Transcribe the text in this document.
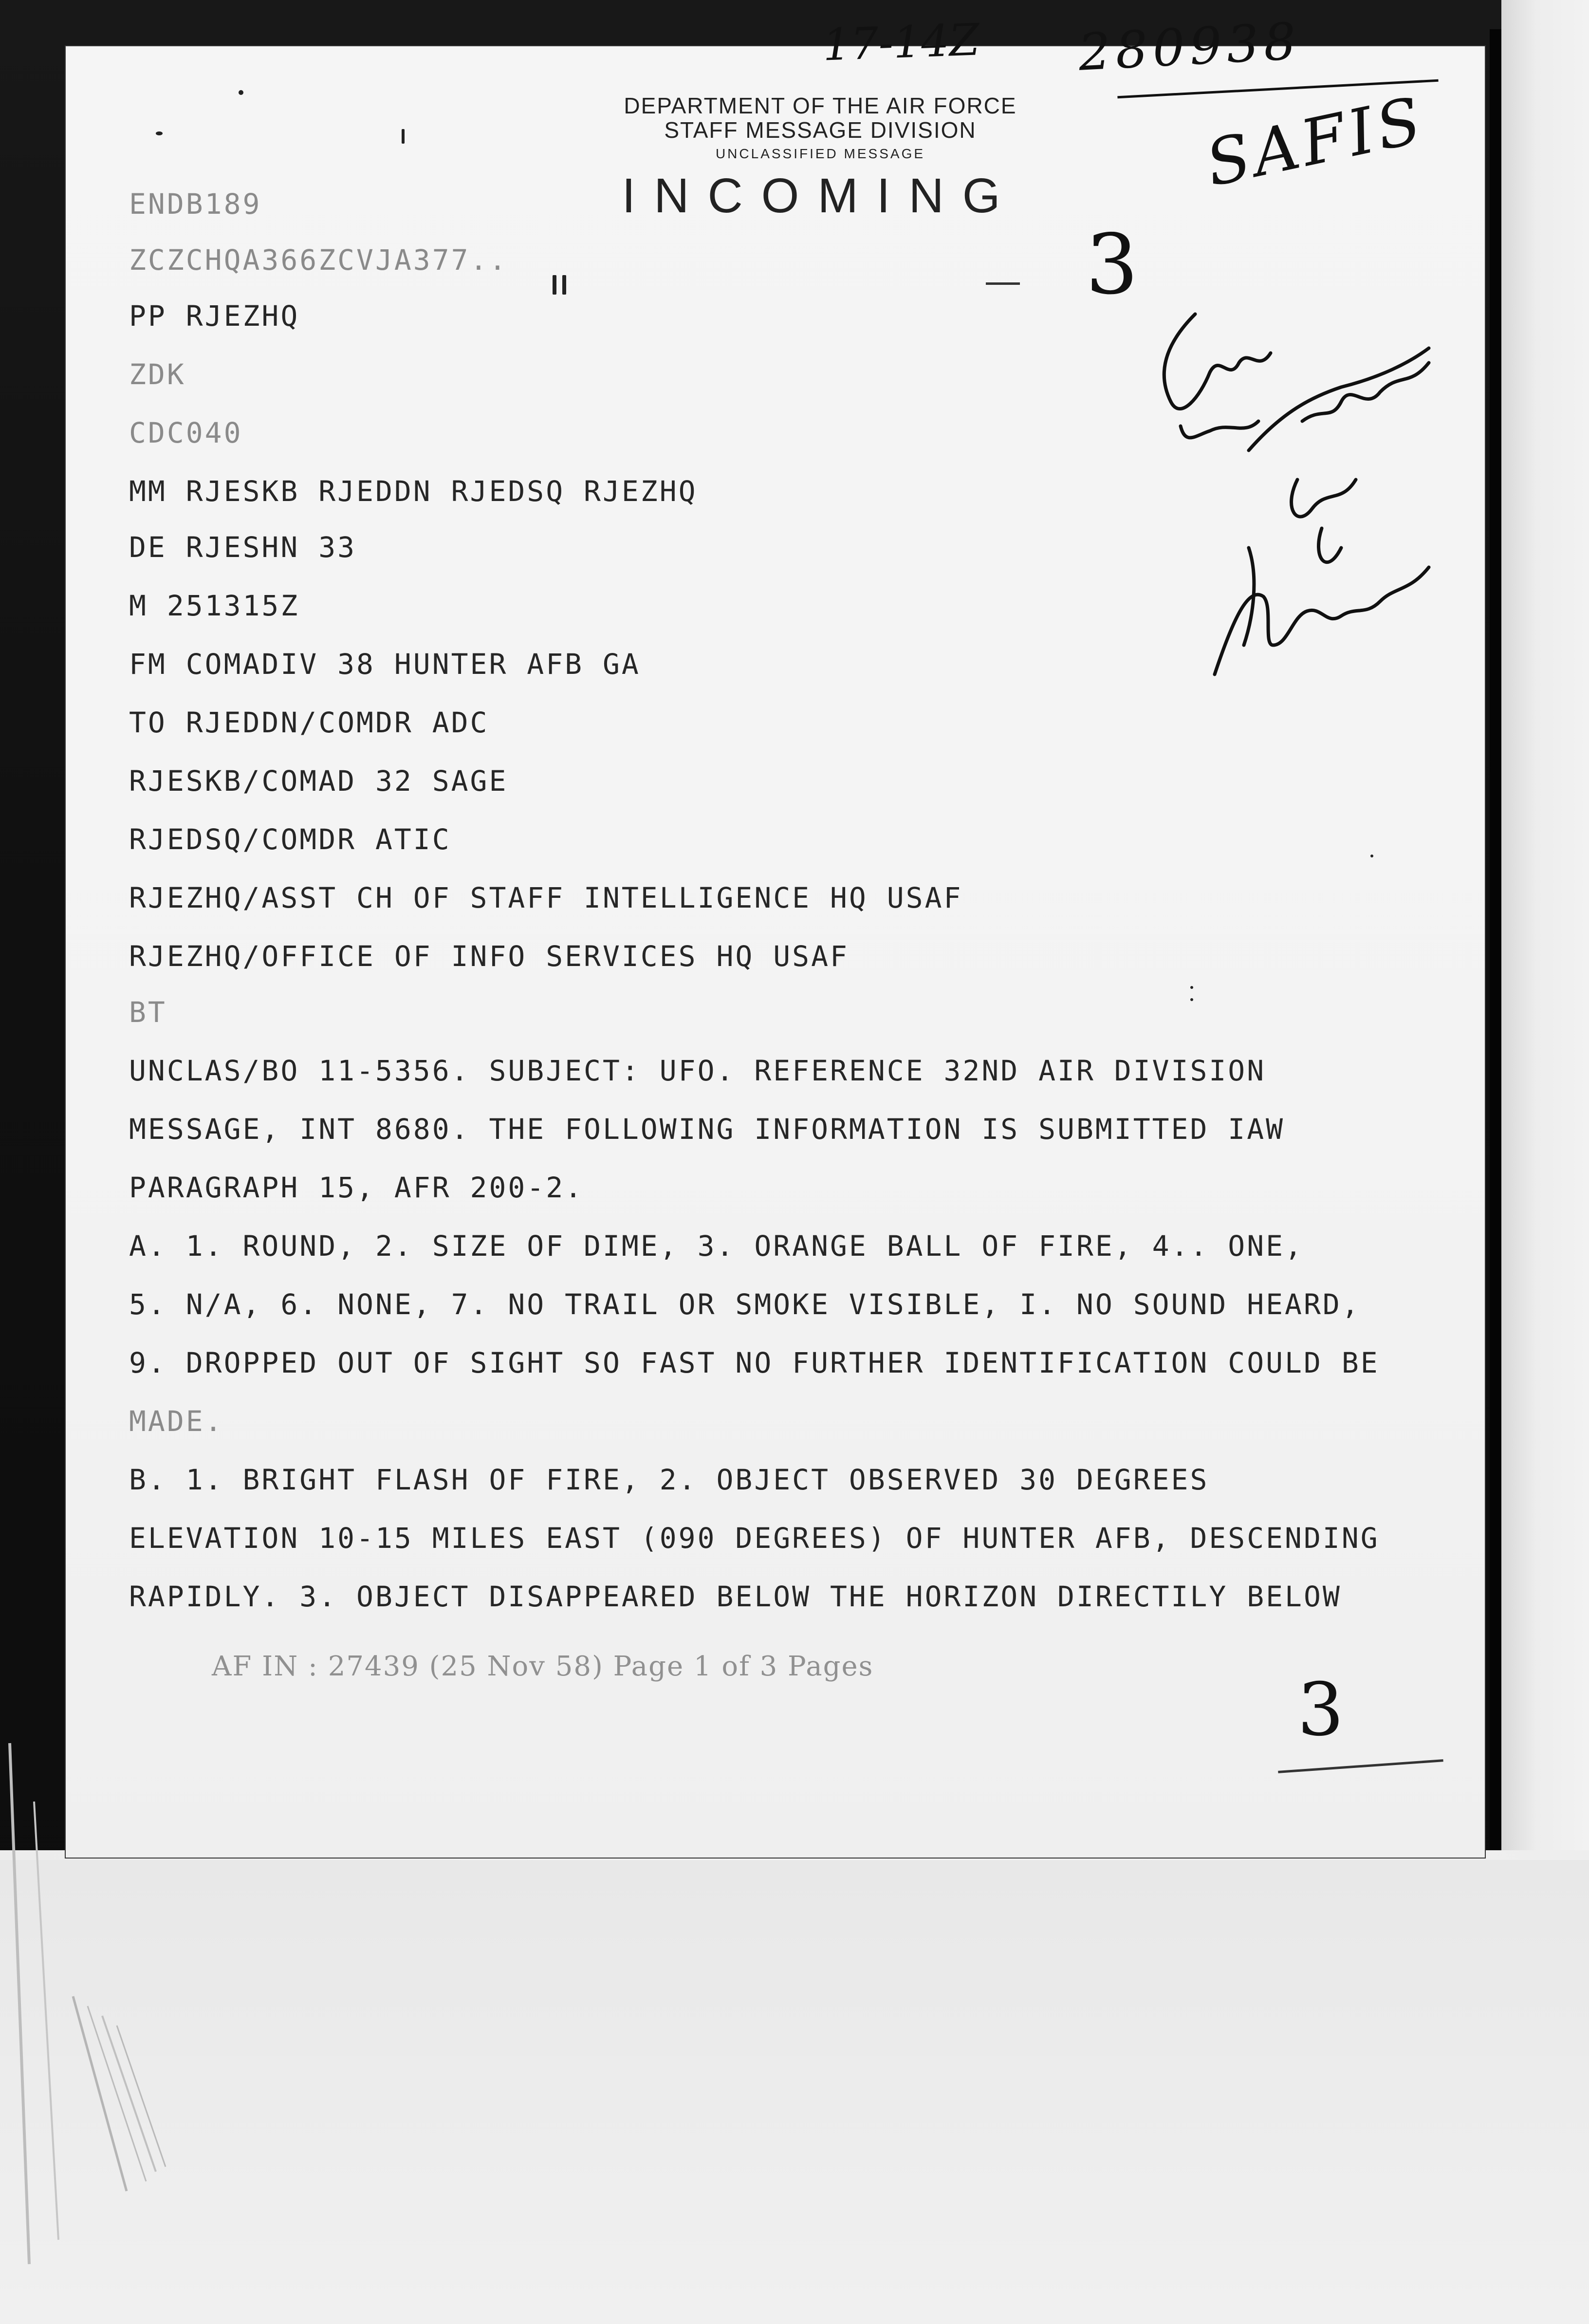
DEPARTMENT OF THE AIR FORCE
STAFF MESSAGE DIVISION
UNCLASSIFIED MESSAGE
INCOMING
ENDB189
ZCZCHQA366ZCVJA377..
PP RJEZHQ
ZDK
CDC040
MM RJESKB RJEDDN RJEDSQ RJEZHQ
DE RJESHN 33
M 251315Z
FM COMADIV 38 HUNTER AFB GA
TO RJEDDN/COMDR ADC
RJESKB/COMAD 32 SAGE
RJEDSQ/COMDR ATIC
RJEZHQ/ASST CH OF STAFF INTELLIGENCE HQ USAF
RJEZHQ/OFFICE OF INFO SERVICES HQ USAF
BT
UNCLAS/BO 11-5356. SUBJECT: UFO. REFERENCE 32ND AIR DIVISION
MESSAGE, INT 8680. THE FOLLOWING INFORMATION IS SUBMITTED IAW
PARAGRAPH 15, AFR 200-2.
A. 1. ROUND, 2. SIZE OF DIME, 3. ORANGE BALL OF FIRE, 4.. ONE,
5. N/A, 6. NONE, 7. NO TRAIL OR SMOKE VISIBLE, I. NO SOUND HEARD,
9. DROPPED OUT OF SIGHT SO FAST NO FURTHER IDENTIFICATION COULD BE
MADE.
B. 1. BRIGHT FLASH OF FIRE, 2. OBJECT OBSERVED 30 DEGREES
ELEVATION 10-15 MILES EAST (090 DEGREES) OF HUNTER AFB, DESCENDING
RAPIDLY. 3. OBJECT DISAPPEARED BELOW THE HORIZON DIRECTILY BELOW
AF IN : 27439 (25 Nov 58) Page 1 of 3 Pages
17-14Z 280938
SAFIS
3
3
